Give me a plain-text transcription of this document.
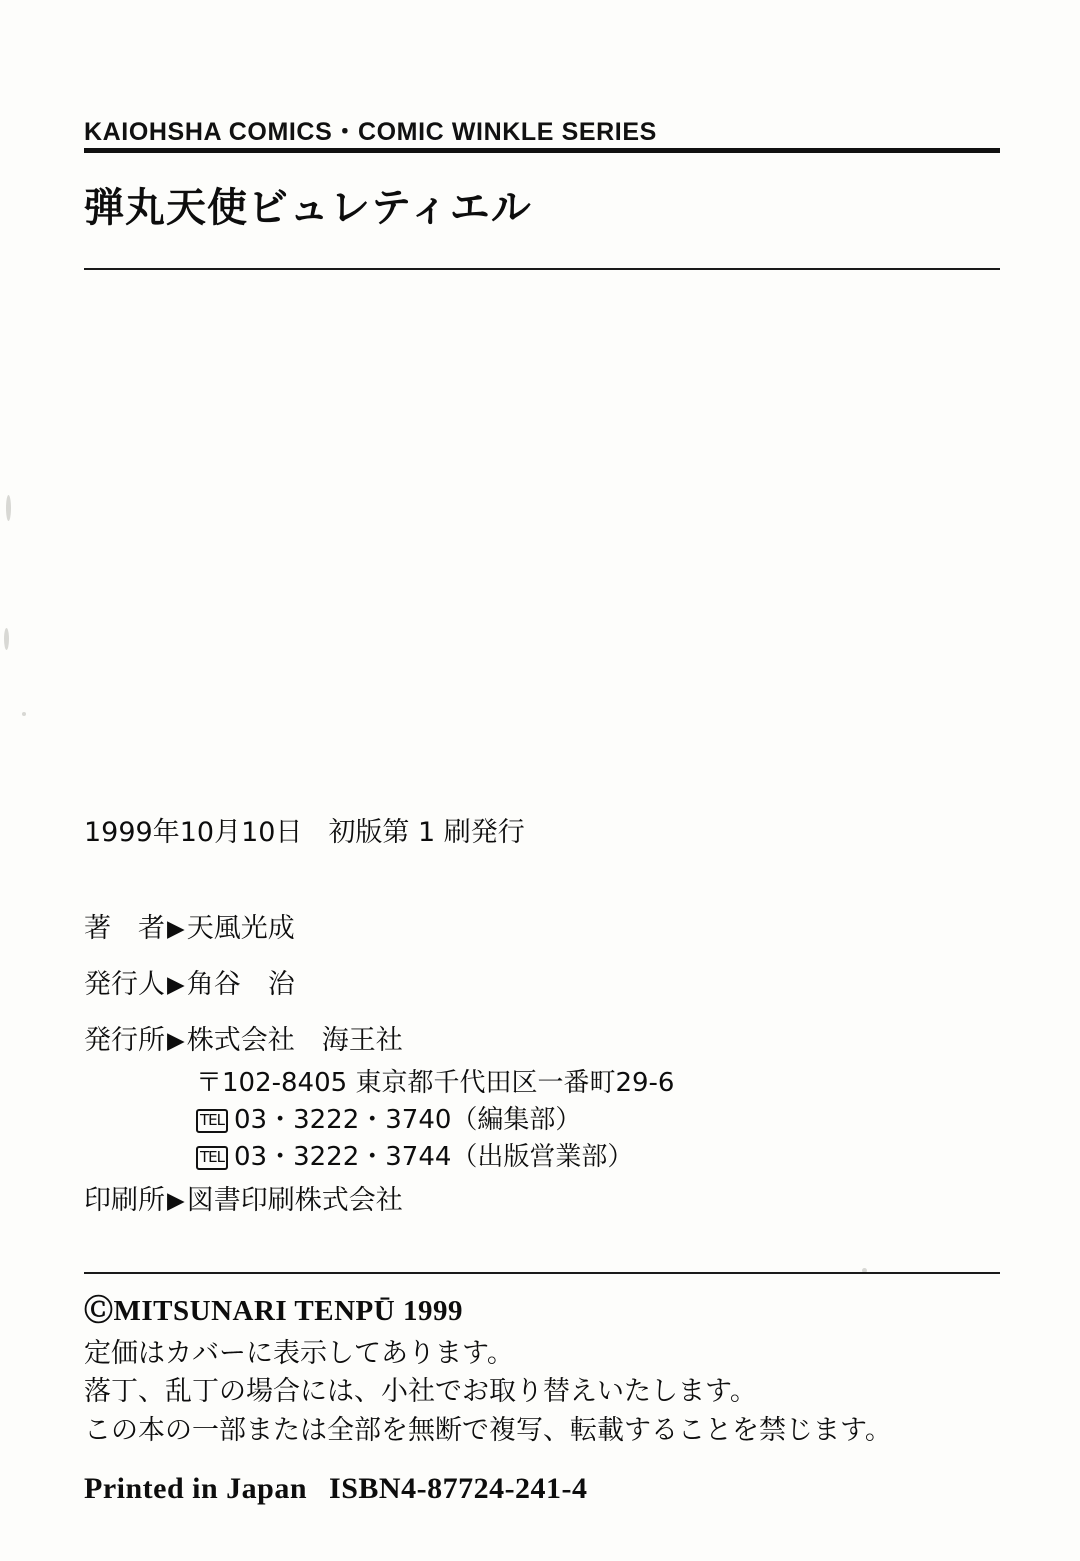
KAIOHSHA COMICS・COMIC WINKLE SERIES
弾丸天使ビュレティエル
1999年10月10日 初版第 1 刷発行
著　者▶天風光成
発行人▶角谷　治
発行所▶株式会社　海王社
〒102-8405 東京都千代田区一番町29-6
TEL 03・3222・3740（編集部）
TEL 03・3222・3744（出版営業部）
印刷所▶図書印刷株式会社
ⒸMITSUNARI TENPŪ 1999
定価はカバーに表示してあります。
落丁、乱丁の場合には、小社でお取り替えいたします。
この本の一部または全部を無断で複写、転載することを禁じます。
Printed in Japan ISBN4-87724-241-4
